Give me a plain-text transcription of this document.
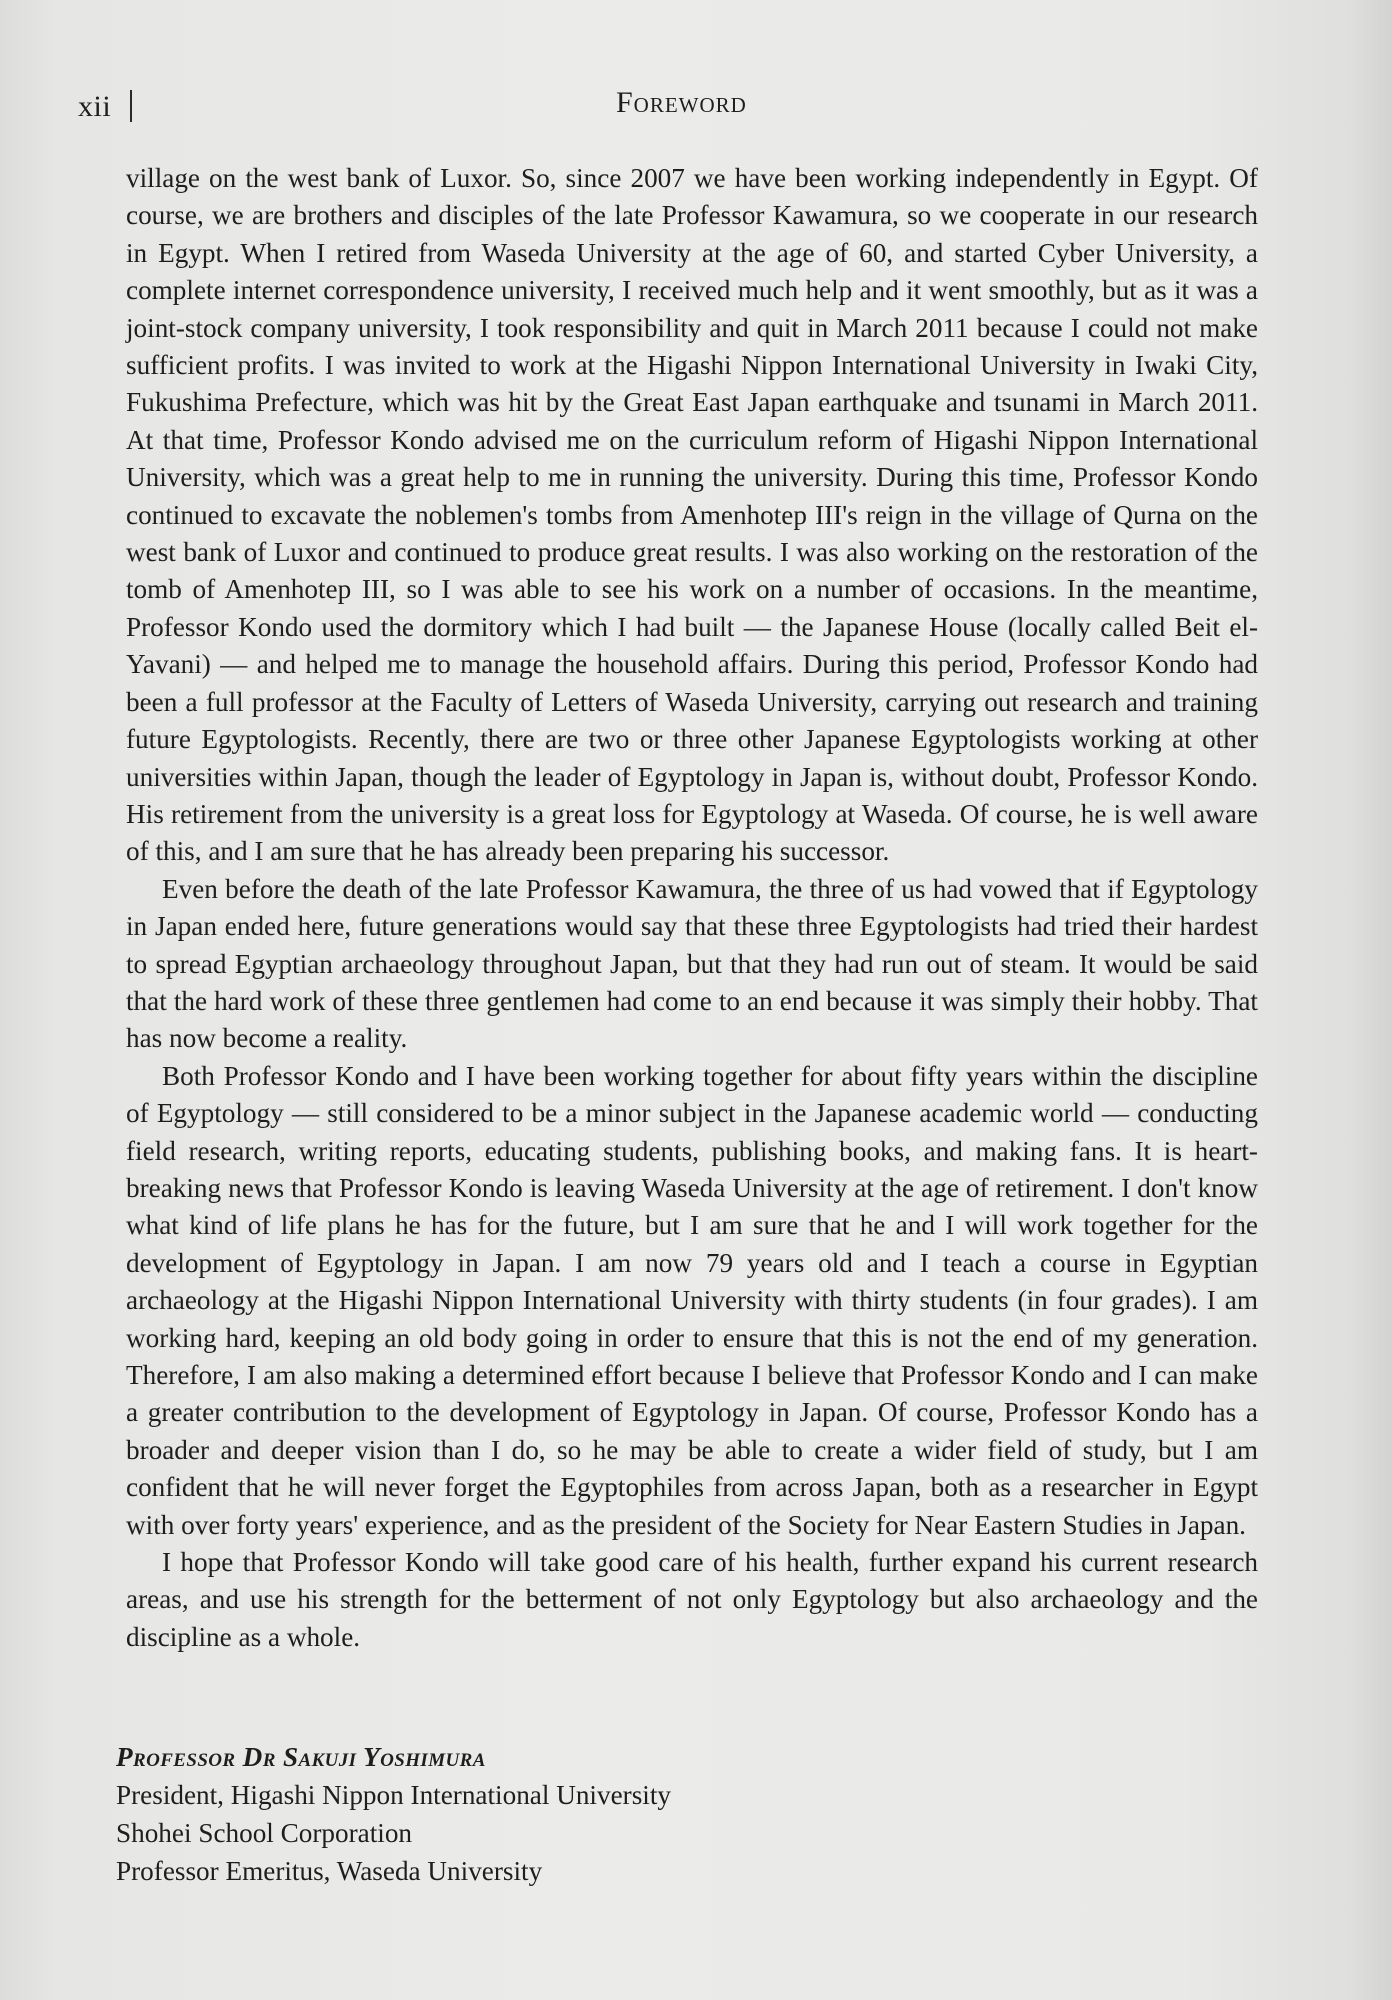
xii	Foreword

village on the west bank of Luxor. So, since 2007 we have been working independently in Egypt. Of course, we are brothers and disciples of the late Professor Kawamura, so we cooperate in our research in Egypt. When I retired from Waseda University at the age of 60, and started Cyber University, a complete internet correspondence university, I received much help and it went smoothly, but as it was a joint-stock company university, I took responsibility and quit in March 2011 because I could not make sufficient profits. I was invited to work at the Higashi Nippon International University in Iwaki City, Fukushima Prefecture, which was hit by the Great East Japan earthquake and tsunami in March 2011. At that time, Professor Kondo advised me on the curriculum reform of Higashi Nippon International University, which was a great help to me in running the university. During this time, Professor Kondo continued to excavate the noblemen's tombs from Amenhotep III's reign in the village of Qurna on the west bank of Luxor and continued to produce great results. I was also working on the restoration of the tomb of Amenhotep III, so I was able to see his work on a number of occasions. In the meantime, Professor Kondo used the dormitory which I had built — the Japanese House (locally called Beit el-Yavani) — and helped me to manage the household affairs. During this period, Professor Kondo had been a full professor at the Faculty of Letters of Waseda University, carrying out research and training future Egyptologists. Recently, there are two or three other Japanese Egyptologists working at other universities within Japan, though the leader of Egyptology in Japan is, without doubt, Professor Kondo. His retirement from the university is a great loss for Egyptology at Waseda. Of course, he is well aware of this, and I am sure that he has already been preparing his successor.

Even before the death of the late Professor Kawamura, the three of us had vowed that if Egyptology in Japan ended here, future generations would say that these three Egyptologists had tried their hardest to spread Egyptian archaeology throughout Japan, but that they had run out of steam. It would be said that the hard work of these three gentlemen had come to an end because it was simply their hobby. That has now become a reality.

Both Professor Kondo and I have been working together for about fifty years within the discipline of Egyptology — still considered to be a minor subject in the Japanese academic world — conducting field research, writing reports, educating students, publishing books, and making fans. It is heart-breaking news that Professor Kondo is leaving Waseda University at the age of retirement. I don't know what kind of life plans he has for the future, but I am sure that he and I will work together for the development of Egyptology in Japan. I am now 79 years old and I teach a course in Egyptian archaeology at the Higashi Nippon International University with thirty students (in four grades). I am working hard, keeping an old body going in order to ensure that this is not the end of my generation. Therefore, I am also making a determined effort because I believe that Professor Kondo and I can make a greater contribution to the development of Egyptology in Japan. Of course, Professor Kondo has a broader and deeper vision than I do, so he may be able to create a wider field of study, but I am confident that he will never forget the Egyptophiles from across Japan, both as a researcher in Egypt with over forty years' experience, and as the president of the Society for Near Eastern Studies in Japan.

I hope that Professor Kondo will take good care of his health, further expand his current research areas, and use his strength for the betterment of not only Egyptology but also archaeology and the discipline as a whole.

Professor Dr Sakuji Yoshimura
President, Higashi Nippon International University
Shohei School Corporation
Professor Emeritus, Waseda University
